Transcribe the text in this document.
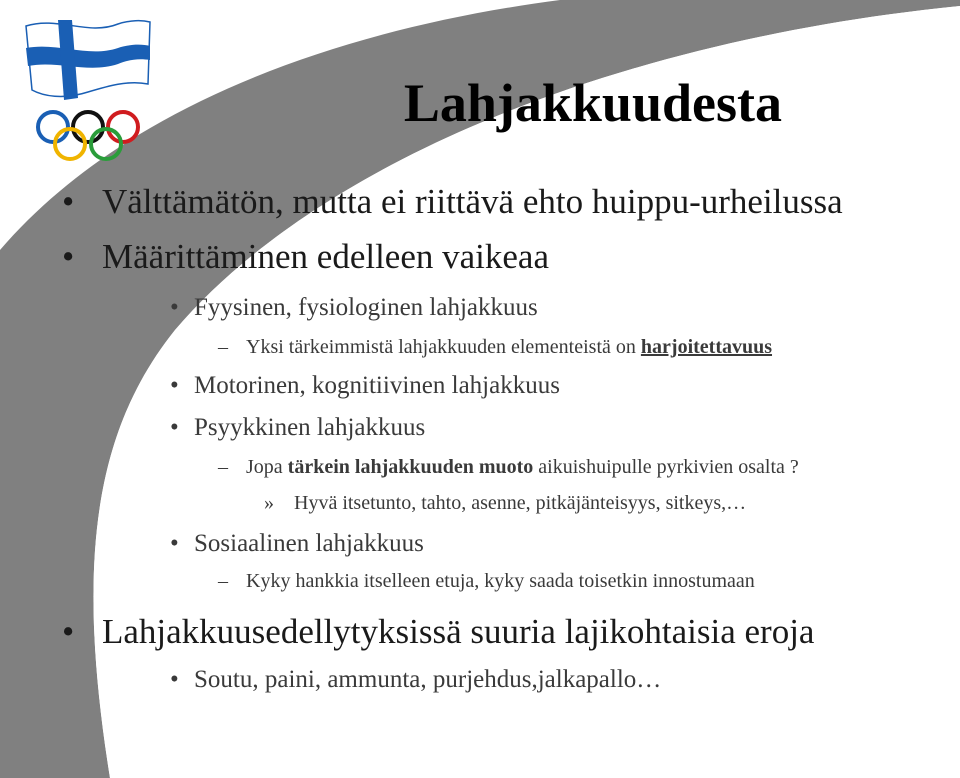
Lahjakkuudesta
• Välttämätön, mutta ei riittävä ehto huippu-urheilussa
• Määrittäminen edelleen vaikeaa
• Fyysinen, fysiologinen lahjakkuus
– Yksi tärkeimmistä lahjakkuuden elementeistä on harjoitettavuus
• Motorinen, kognitiivinen lahjakkuus
• Psyykkinen lahjakkuus
– Jopa tärkein lahjakkuuden muoto aikuishuipulle pyrkivien osalta ?
» Hyvä itsetunto, tahto, asenne, pitkäjänteisyys, sitkeys,…
• Sosiaalinen lahjakkuus
– Kyky hankkia itselleen etuja, kyky saada toisetkin innostumaan
• Lahjakkuusedellytyksissä suuria lajikohtaisia eroja
• Soutu, paini, ammunta, purjehdus,jalkapallo…
